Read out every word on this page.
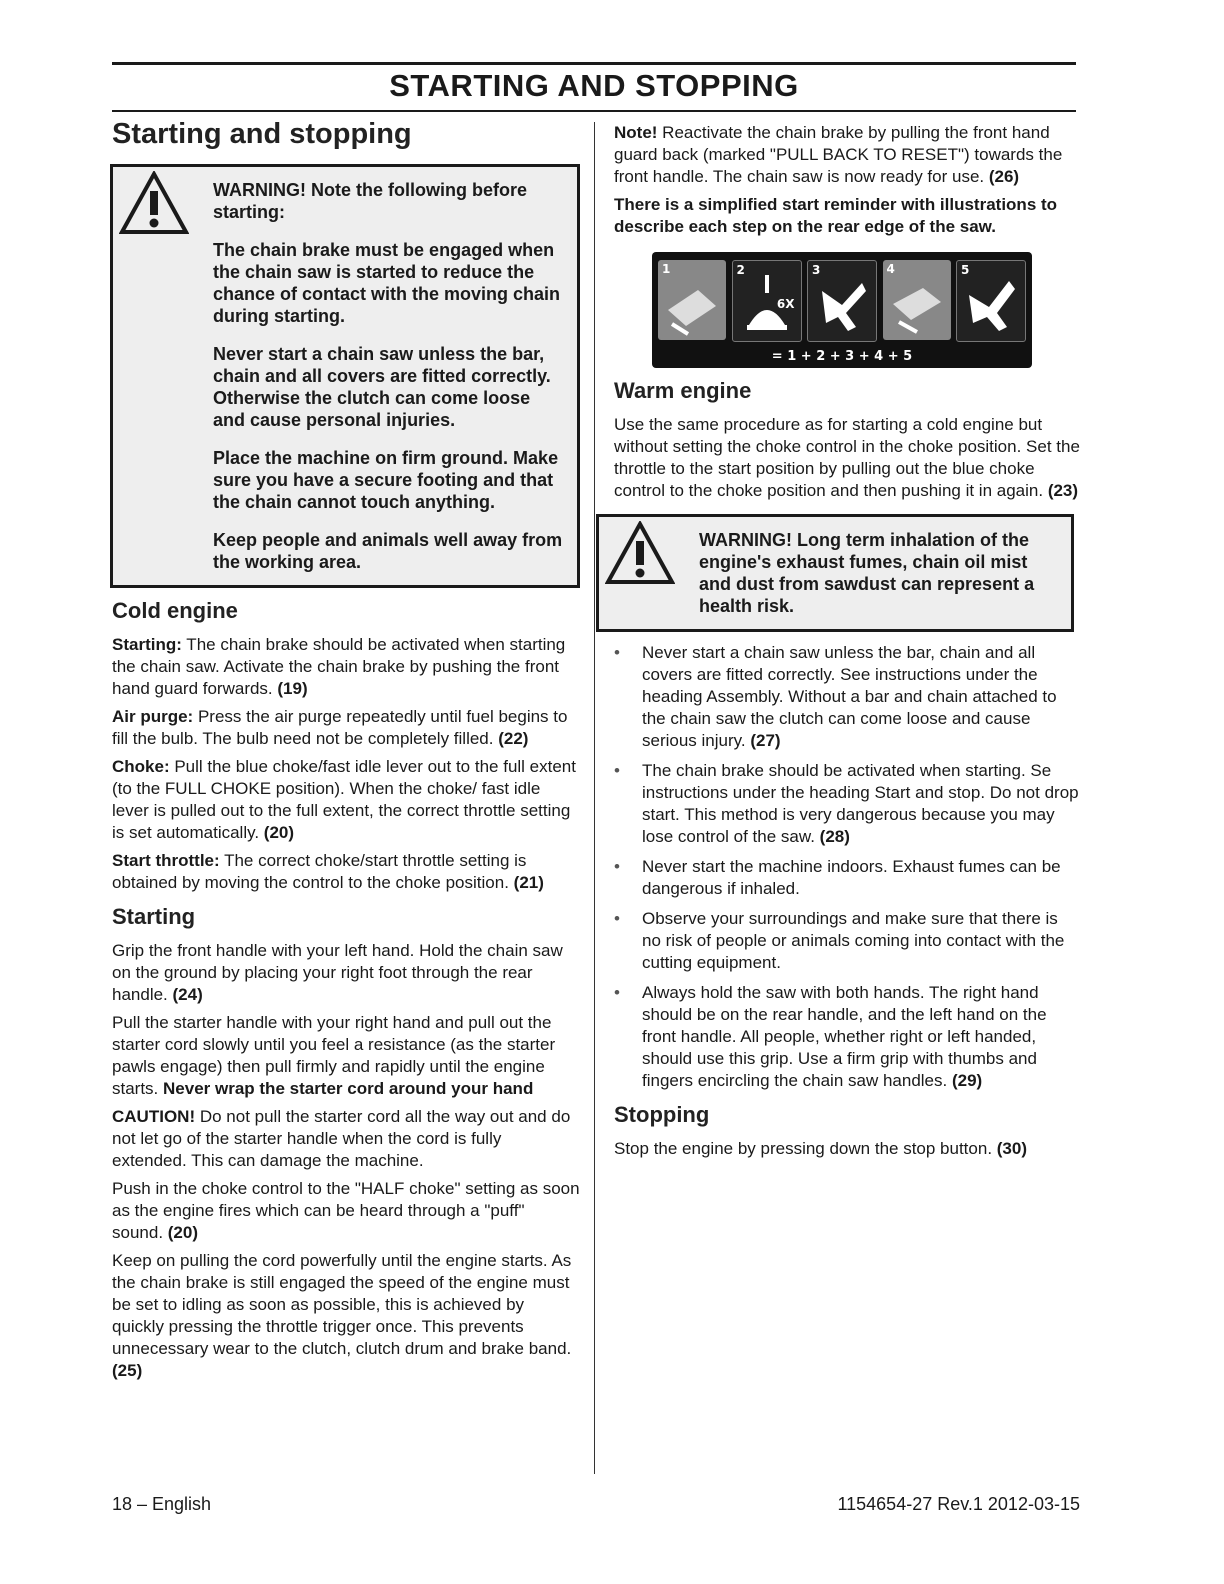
STARTING AND STOPPING
Starting and stopping

WARNING! Note the following before starting:

The chain brake must be engaged when the chain saw is started to reduce the chance of contact with the moving chain during starting.

Never start a chain saw unless the bar, chain and all covers are fitted correctly. Otherwise the clutch can come loose and cause personal injuries.

Place the machine on firm ground. Make sure you have a secure footing and that the chain cannot touch anything.

Keep people and animals well away from the working area.

Cold engine

Starting: The chain brake should be activated when starting the chain saw. Activate the chain brake by pushing the front hand guard forwards. (19)

Air purge: Press the air purge repeatedly until fuel begins to fill the bulb. The bulb need not be completely filled. (22)

Choke: Pull the blue choke/fast idle lever out to the full extent (to the FULL CHOKE position). When the choke/ fast idle lever is pulled out to the full extent, the correct throttle setting is set automatically. (20)

Start throttle: The correct choke/start throttle setting is obtained by moving the control to the choke position. (21)

Starting

Grip the front handle with your left hand. Hold the chain saw on the ground by placing your right foot through the rear handle. (24)

Pull the starter handle with your right hand and pull out the starter cord slowly until you feel a resistance (as the starter pawls engage) then pull firmly and rapidly until the engine starts. Never wrap the starter cord around your hand

CAUTION! Do not pull the starter cord all the way out and do not let go of the starter handle when the cord is fully extended. This can damage the machine.

Push in the choke control to the "HALF choke" setting as soon as the engine fires which can be heard through a "puff" sound. (20)

Keep on pulling the cord powerfully until the engine starts. As the chain brake is still engaged the speed of the engine must be set to idling as soon as possible, this is achieved by quickly pressing the throttle trigger once. This prevents unnecessary wear to the clutch, clutch drum and brake band. (25)

Note! Reactivate the chain brake by pulling the front hand guard back (marked "PULL BACK TO RESET") towards the front handle. The chain saw is now ready for use. (26)

There is a simplified start reminder with illustrations to describe each step on the rear edge of the saw.

1	2
6X
3	4	5
= 1 + 2 + 3 + 4 + 5
Warm engine

Use the same procedure as for starting a cold engine but without setting the choke control in the choke position. Set the throttle to the start position by pulling out the blue choke control to the choke position and then pushing it in again. (23)

WARNING! Long term inhalation of the engine's exhaust fumes, chain oil mist and dust from sawdust can represent a health risk.

• Never start a chain saw unless the bar, chain and all covers are fitted correctly. See instructions under the heading Assembly. Without a bar and chain attached to the chain saw the clutch can come loose and cause serious injury. (27)
• The chain brake should be activated when starting. Se instructions under the heading Start and stop. Do not drop start. This method is very dangerous because you may lose control of the saw. (28)
• Never start the machine indoors. Exhaust fumes can be dangerous if inhaled.
• Observe your surroundings and make sure that there is no risk of people or animals coming into contact with the cutting equipment.
• Always hold the saw with both hands. The right hand should be on the rear handle, and the left hand on the front handle. All people, whether right or left handed, should use this grip. Use a firm grip with thumbs and fingers encircling the chain saw handles. (29)
Stopping

Stop the engine by pressing down the stop button. (30)

18 – English	1154654-27 Rev.1 2012-03-15
